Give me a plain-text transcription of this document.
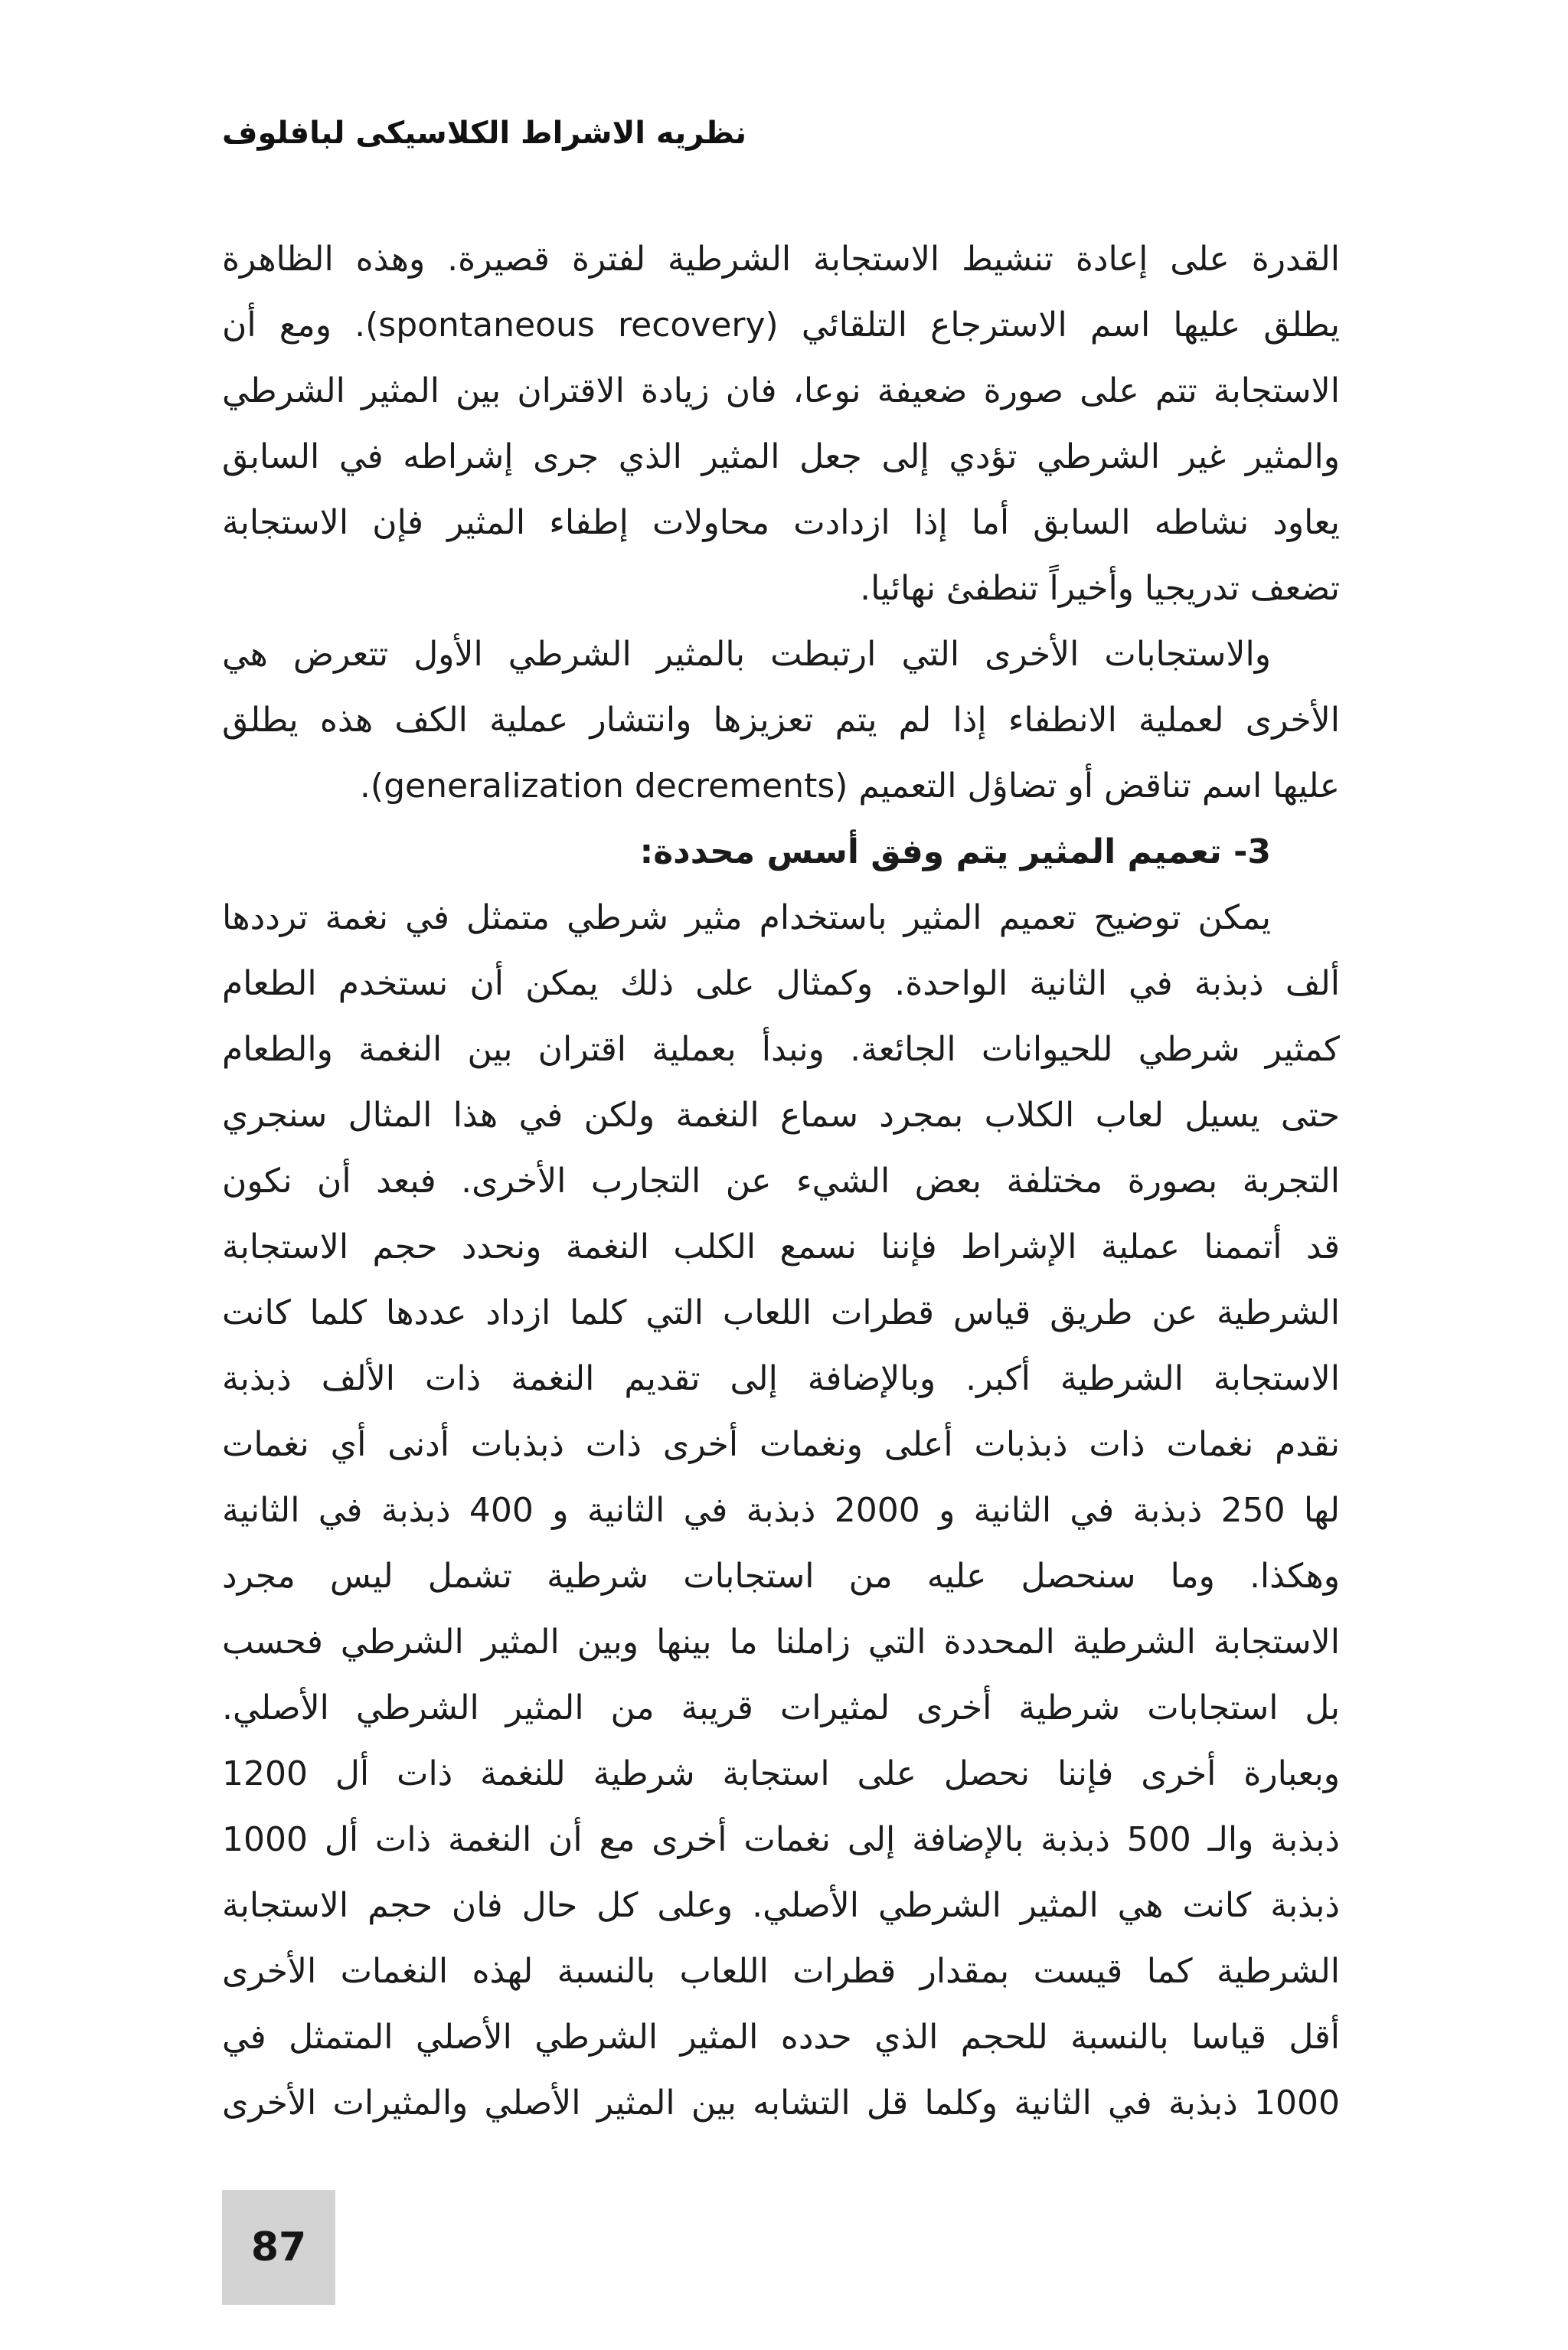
نظريه الاشراط الكلاسيكى لبافلوف
القدرة على إعادة تنشيط الاستجابة الشرطية لفترة قصيرة. وهذه الظاهرة
يطلق عليها اسم الاسترجاع التلقائي (spontaneous recovery). ومع أن
الاستجابة تتم على صورة ضعيفة نوعا، فان زيادة الاقتران بين المثير الشرطي
والمثير غير الشرطي تؤدي إلى جعل المثير الذي جرى إشراطه في السابق
يعاود نشاطه السابق أما إذا ازدادت محاولات إطفاء المثير فإن الاستجابة
تضعف تدريجيا وأخيراً تنطفئ نهائيا.
والاستجابات الأخرى التي ارتبطت بالمثير الشرطي الأول تتعرض هي
الأخرى لعملية الانطفاء إذا لم يتم تعزيزها وانتشار عملية الكف هذه يطلق
عليها اسم تناقض أو تضاؤل التعميم (generalization decrements).
3- تعميم المثير يتم وفق أسس محددة:
يمكن توضيح تعميم المثير باستخدام مثير شرطي متمثل في نغمة ترددها
ألف ذبذبة في الثانية الواحدة. وكمثال على ذلك يمكن أن نستخدم الطعام
كمثير شرطي للحيوانات الجائعة. ونبدأ بعملية اقتران بين النغمة والطعام
حتى يسيل لعاب الكلاب بمجرد سماع النغمة ولكن في هذا المثال سنجري
التجربة بصورة مختلفة بعض الشيء عن التجارب الأخرى. فبعد أن نكون
قد أتممنا عملية الإشراط فإننا نسمع الكلب النغمة ونحدد حجم الاستجابة
الشرطية عن طريق قياس قطرات اللعاب التي كلما ازداد عددها كلما كانت
الاستجابة الشرطية أكبر. وبالإضافة إلى تقديم النغمة ذات الألف ذبذبة
نقدم نغمات ذات ذبذبات أعلى ونغمات أخرى ذات ذبذبات أدنى أي نغمات
لها 250 ذبذبة في الثانية و 2000 ذبذبة في الثانية و 400 ذبذبة في الثانية
وهكذا. وما سنحصل عليه من استجابات شرطية تشمل ليس مجرد
الاستجابة الشرطية المحددة التي زاملنا ما بينها وبين المثير الشرطي فحسب
بل استجابات شرطية أخرى لمثيرات قريبة من المثير الشرطي الأصلي.
وبعبارة أخرى فإننا نحصل على استجابة شرطية للنغمة ذات أل 1200
ذبذبة والـ 500 ذبذبة بالإضافة إلى نغمات أخرى مع أن النغمة ذات أل 1000
ذبذبة كانت هي المثير الشرطي الأصلي. وعلى كل حال فان حجم الاستجابة
الشرطية كما قيست بمقدار قطرات اللعاب بالنسبة لهذه النغمات الأخرى
أقل قياسا بالنسبة للحجم الذي حدده المثير الشرطي الأصلي المتمثل في
1000 ذبذبة في الثانية وكلما قل التشابه بين المثير الأصلي والمثيرات الأخرى
87
